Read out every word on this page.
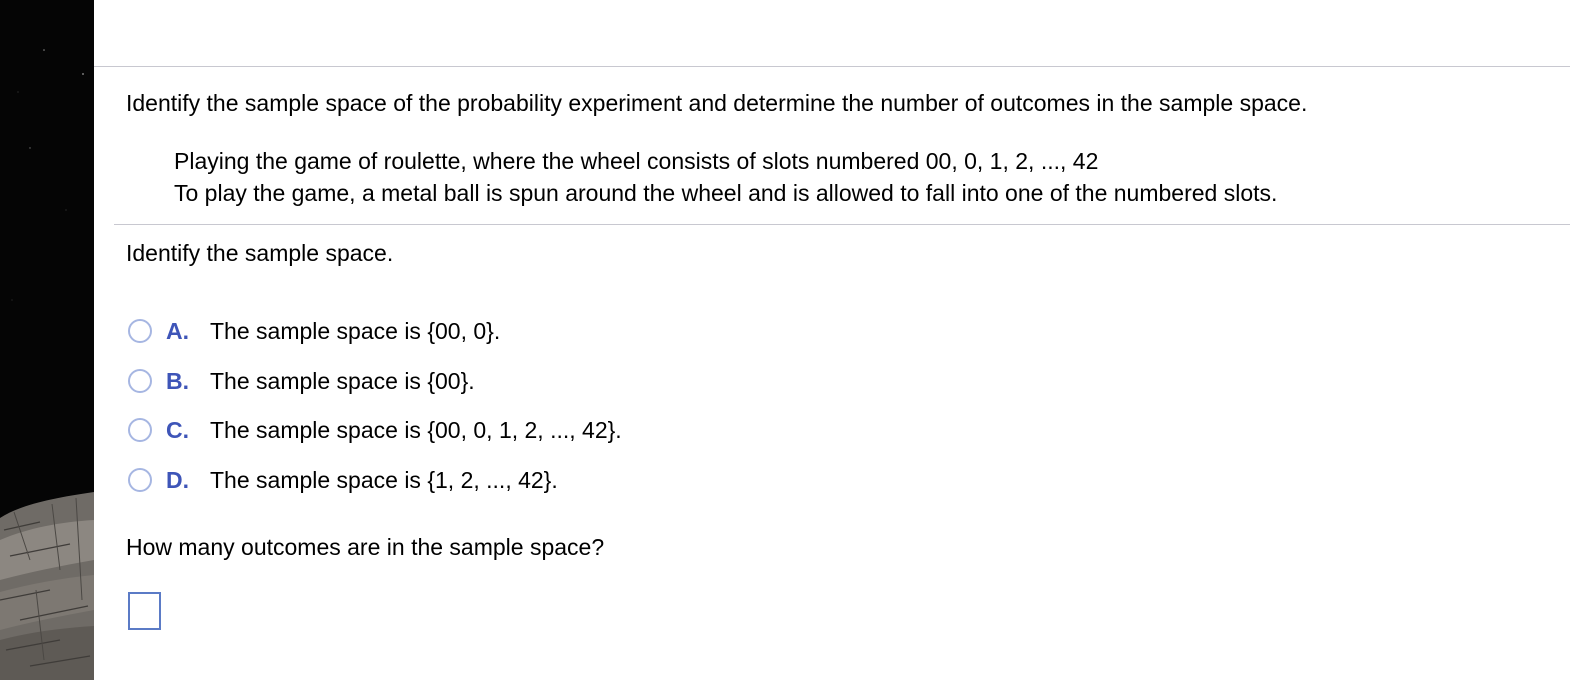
Identify the sample space of the probability experiment and determine the number of outcomes in the sample space.
Playing the game of roulette, where the wheel consists of slots numbered 00, 0, 1, 2, ..., 42
To play the game, a metal ball is spun around the wheel and is allowed to fall into one of the numbered slots.
Identify the sample space.
A. The sample space is {00, 0}.
B. The sample space is {00}.
C. The sample space is {00, 0, 1, 2, ..., 42}.
D. The sample space is {1, 2, ..., 42}.
How many outcomes are in the sample space?
